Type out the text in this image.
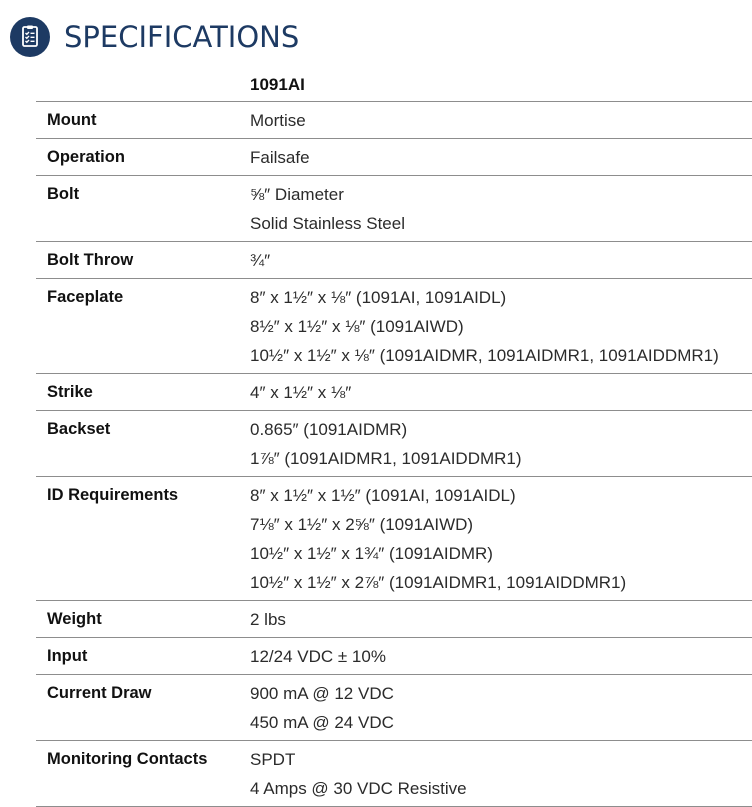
SPECIFICATIONS
1091AI
Mount	Mortise
Operation	Failsafe
Bolt	⅝″ Diameter
Solid Stainless Steel
Bolt Throw	¾″
Faceplate	8″ x 1½″ x ⅛″ (1091AI, 1091AIDL)
8½″ x 1½″ x ⅛″ (1091AIWD)
10½″ x 1½″ x ⅛″ (1091AIDMR, 1091AIDMR1, 1091AIDDMR1)
Strike	4″ x 1½″ x ⅛″
Backset	0.865″ (1091AIDMR)
1⅞″ (1091AIDMR1, 1091AIDDMR1)
ID Requirements	8″ x 1½″ x 1½″ (1091AI, 1091AIDL)
7⅛″ x 1½″ x 2⅝″ (1091AIWD)
10½″ x 1½″ x 1¾″ (1091AIDMR)
10½″ x 1½″ x 2⅞″ (1091AIDMR1, 1091AIDDMR1)
Weight	2 lbs
Input	12/24 VDC ± 10%
Current Draw	900 mA @ 12 VDC
450 mA @ 24 VDC
Monitoring Contacts	SPDT
4 Amps @ 30 VDC Resistive
